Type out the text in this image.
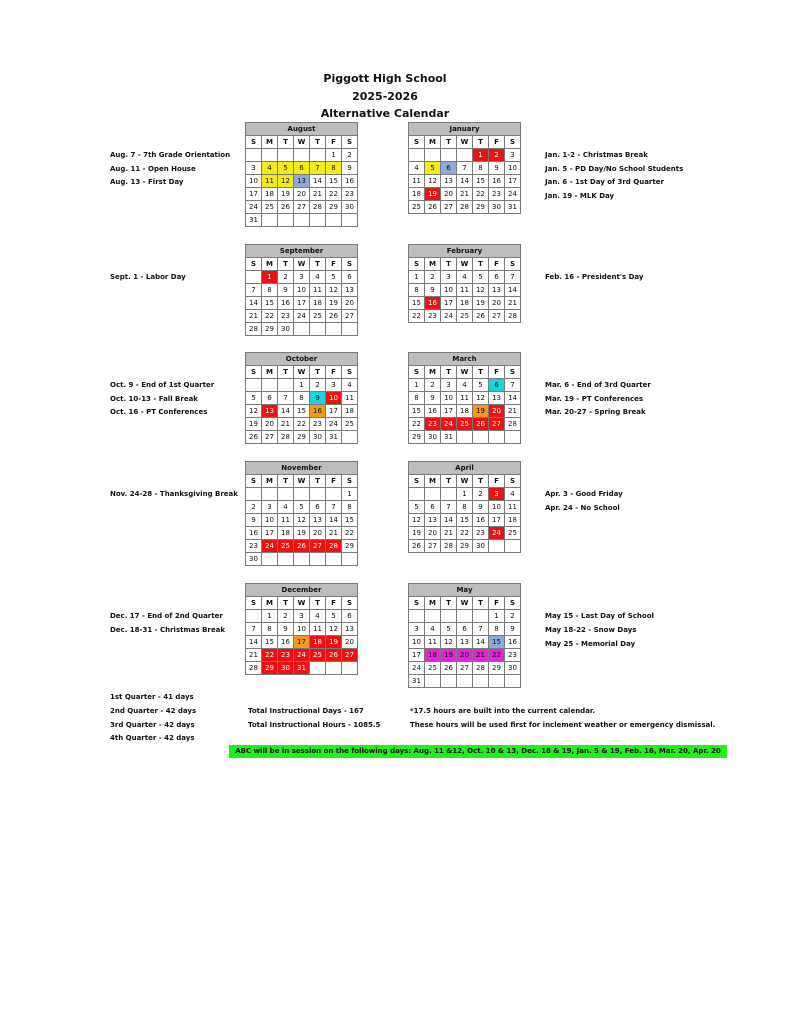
Piggott High School
2025-2026
Alternative Calendar
August						
S	M	T	W	T	F	S
					1	2
3	4	5	6	7	8	9
10	11	12	13	14	15	16
17	18	19	20	21	22	23
24	25	26	27	28	29	30
31						
September						
S	M	T	W	T	F	S
	1	2	3	4	5	6
7	8	9	10	11	12	13
14	15	16	17	18	19	20
21	22	23	24	25	26	27
28	29	30				
October						
S	M	T	W	T	F	S
			1	2	3	4
5	6	7	8	9	10	11
12	13	14	15	16	17	18
19	20	21	22	23	24	25
26	27	28	29	30	31	
November						
S	M	T	W	T	F	S
						1
2	3	4	5	6	7	8
9	10	11	12	13	14	15
16	17	18	19	20	21	22
23	24	25	26	27	28	29
30						
December						
S	M	T	W	T	F	S
	1	2	3	4	5	6
7	8	9	10	11	12	13
14	15	16	17	18	19	20
21	22	23	24	25	26	27
28	29	30	31			
January						
S	M	T	W	T	F	S
				1	2	3
4	5	6	7	8	9	10
11	12	13	14	15	16	17
18	19	20	21	22	23	24
25	26	27	28	29	30	31
February						
S	M	T	W	T	F	S
1	2	3	4	5	6	7
8	9	10	11	12	13	14
15	16	17	18	19	20	21
22	23	24	25	26	27	28
March						
S	M	T	W	T	F	S
1	2	3	4	5	6	7
8	9	10	11	12	13	14
15	16	17	18	19	20	21
22	23	24	25	26	27	28
29	30	31				
April						
S	M	T	W	T	F	S
			1	2	3	4
5	6	7	8	9	10	11
12	13	14	15	16	17	18
19	20	21	22	23	24	25
26	27	28	29	30		
May						
S	M	T	W	T	F	S
					1	2
3	4	5	6	7	8	9
10	11	12	13	14	15	16
17	18	19	20	21	22	23
24	25	26	27	28	29	30
31						
Aug. 7 - 7th Grade Orientation
Aug. 11 - Open House
Aug. 13 - First Day
Sept. 1 - Labor Day
Oct. 9 - End of 1st Quarter
Oct. 10-13 - Fall Break
Oct. 16 - PT Conferences
Nov. 24-28 - Thanksgiving Break
Dec. 17 - End of 2nd Quarter
Dec. 18-31 - Christmas Break
Jan. 1-2 - Christmas Break
Jan. 5 - PD Day/No School Students
Jan. 6 - 1st Day of 3rd Quarter
Jan. 19 - MLK Day
Feb. 16 - President's Day
Mar. 6 - End of 3rd Quarter
Mar. 19 - PT Conferences
Mar. 20-27 - Spring Break
Apr. 3 - Good Friday
Apr. 24 - No School
May 15 - Last Day of School
May 18-22 - Snow Days
May 25 - Memorial Day
1st Quarter - 41 days
2nd Quarter - 42 days
3rd Quarter - 42 days
4th Quarter - 42 days
Total Instructional Days - 167
Total Instructional Hours - 1085.5
*17.5 hours are built into the current calendar.
These hours will be used first for inclement weather or emergency dismissal.
ABC will be in session on the following days: Aug. 11 &12, Oct. 10 & 13, Dec. 18 & 19, Jan. 5 & 19, Feb. 16, Mar. 20, Apr. 20
